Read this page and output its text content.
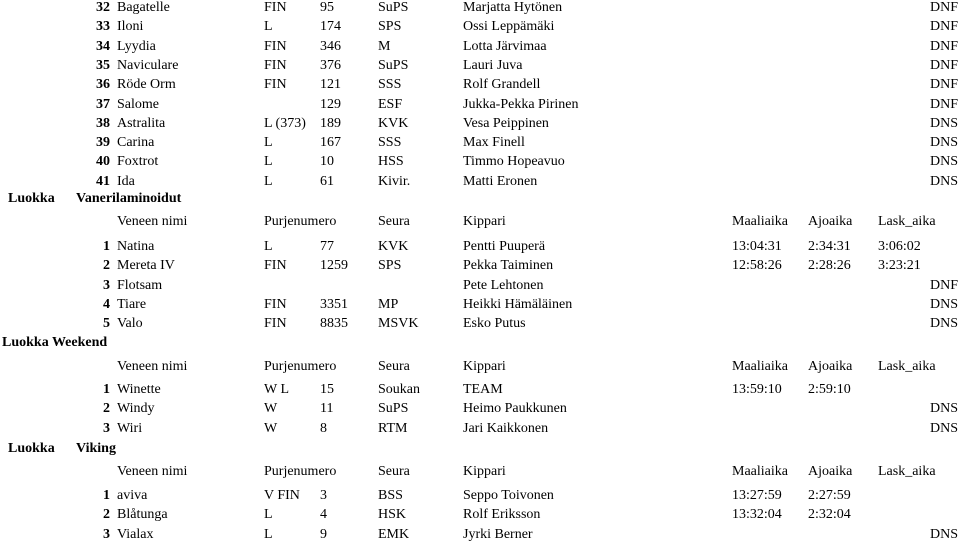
32 Bagatelle	FIN 95	SuPS	Marjatta Hytönen	DNF
33 Iloni	L	174	SPS	Ossi Leppämäki	DNF
34 Lyydia	FIN 346	M	Lotta Järvimaa	DNF
35 Naviculare	FIN 376	SuPS	Lauri Juva	DNF
36 Röde Orm	FIN 121	SSS	Rolf Grandell	DNF
37 Salome	129	ESF	Jukka-Pekka Pirinen	DNF
38 Astralita	L (373) 189	KVK	Vesa Peippinen	DNS
39 Carina	L	167	SSS	Max Finell	DNS
40 Foxtrot	L	10	HSS	Timmo Hopeavuo	DNS
41 Ida	L	61	Kivir.	Matti Eronen	DNS
Luokka Vanerilaminoidut
Veneen nimi	Purjenumero	Seura	Kippari	Maaliaika Ajoaika Lask_aika
1 Natina	L	77	KVK	Pentti Puuperä	13:04:31 2:34:31 3:06:02
2 Mereta IV	FIN 1259 SPS	Pekka Taiminen	12:58:26 2:28:26 3:23:21
3 Flotsam	Pete Lehtonen	DNF
4 Tiare	FIN 3351 MP	Heikki Hämäläinen	DNS
5 Valo	FIN 8835 MSVK	Esko Putus	DNS
Luokka Weekend
Veneen nimi	Purjenumero	Seura	Kippari	Maaliaika Ajoaika Lask_aika
1 Winette	W L 15	Soukan	TEAM	13:59:10 2:59:10
2 Windy	W	11	SuPS	Heimo Paukkunen	DNS
3 Wiri	W	8	RTM	Jari Kaikkonen	DNS
Luokka Viking
Veneen nimi	Purjenumero	Seura	Kippari	Maaliaika Ajoaika Lask_aika
1 aviva	V FIN 3	BSS	Seppo Toivonen	13:27:59 2:27:59
2 Blåtunga	L	4	HSK	Rolf Eriksson	13:32:04 2:32:04
3 Vialax	L	9	EMK	Jyrki Berner	DNS
